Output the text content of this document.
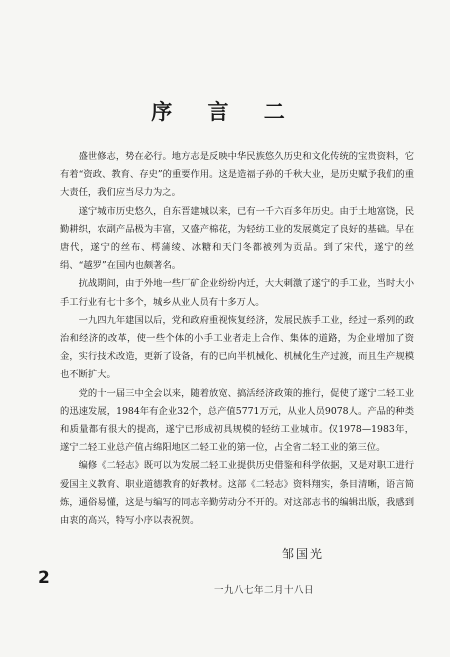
序 言 二

盛世修志，势在必行。地方志是反映中华民族悠久历史和文化传统的宝贵资料，它有着“资政、教育、存史”的重要作用。这是造福子孙的千秋大业，是历史赋予我们的重大责任，我们应当尽力为之。

遂宁城市历史悠久，自东晋建城以来，已有一千六百多年历史。由于土地富饶，民勤耕织，农副产品极为丰富，又盛产棉花，为轻纺工业的发展奠定了良好的基础。早在唐代，遂宁的丝布、樗蒲绫、冰糖和天门冬都被列为贡品。到了宋代，遂宁的丝绢、“越罗”在国内也颇著名。

抗战期间，由于外地一些厂矿企业纷纷内迁，大大刺激了遂宁的手工业，当时大小手工行业有七十多个，城乡从业人员有十多万人。

一九四九年建国以后，党和政府重视恢复经济，发展民族手工业，经过一系列的政治和经济的改革，使一些个体的小手工业者走上合作、集体的道路，为企业增加了资金，实行技术改造，更新了设备，有的已向半机械化、机械化生产过渡，而且生产规模也不断扩大。

党的十一届三中全会以来，随着放宽、搞活经济政策的推行，促使了遂宁二轻工业的迅速发展，1984年有企业32个，总产值5771万元，从业人员9078人。产品的种类和质量都有很大的提高，遂宁已形成初具规模的轻纺工业城市。仅1978—1983年，遂宁二轻工业总产值占绵阳地区二轻工业的第一位，占全省二轻工业的第三位。

编修《二轻志》既可以为发展二轻工业提供历史借鉴和科学依据，又是对职工进行爱国主义教育、职业道德教育的好教材。这部《二轻志》资料翔实，条目清晰，语言简炼，通俗易懂，这是与编写的同志辛勤劳动分不开的。对这部志书的编辑出版，我感到由衷的高兴，特写小序以表祝贺。

邹国光
一九八七年二月十八日
2
